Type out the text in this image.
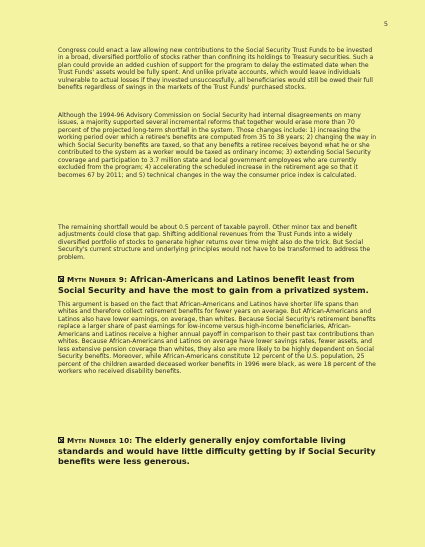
5

Congress could enact a law allowing new contributions to the Social Security Trust Funds to be invested in a broad, diversified portfolio of stocks rather than confining its holdings to Treasury securities. Such a plan could provide an added cushion of support for the program to delay the estimated date when the Trust Funds' assets would be fully spent. And unlike private accounts, which would leave individuals vulnerable to actual losses if they invested unsuccessfully, all beneficiaries would still be owed their full benefits regardless of swings in the markets of the Trust Funds' purchased stocks.

Although the 1994-96 Advisory Commission on Social Security had internal disagreements on many issues, a majority supported several incremental reforms that together would erase more than 70 percent of the projected long-term shortfall in the system. Those changes include: 1) increasing the working period over which a retiree's benefits are computed from 35 to 38 years; 2) changing the way in which Social Security benefits are taxed, so that any benefits a retiree receives beyond what he or she contributed to the system as a worker would be taxed as ordinary income; 3) extending Social Security coverage and participation to 3.7 million state and local government employees who are currently excluded from the program; 4) accelerating the scheduled increase in the retirement age so that it becomes 67 by 2011; and 5) technical changes in the way the consumer price index is calculated.

The remaining shortfall would be about 0.5 percent of taxable payroll. Other minor tax and benefit adjustments could close that gap. Shifting additional revenues from the Trust Funds into a widely diversified portfolio of stocks to generate higher returns over time might also do the trick. But Social Security's current structure and underlying principles would not have to be transformed to address the problem.

Myth Number 9: African-Americans and Latinos benefit least from Social Security and have the most to gain from a privatized system.

This argument is based on the fact that African-Americans and Latinos have shorter life spans than whites and therefore collect retirement benefits for fewer years on average. But African-Americans and Latinos also have lower earnings, on average, than whites. Because Social Security's retirement benefits replace a larger share of past earnings for low-income versus high-income beneficiaries, African-Americans and Latinos receive a higher annual payoff in comparison to their past tax contributions than whites. Because African-Americans and Latinos on average have lower savings rates, fewer assets, and less extensive pension coverage than whites, they also are more likely to be highly dependent on Social Security benefits. Moreover, while African-Americans constitute 12 percent of the U.S. population, 25 percent of the children awarded deceased worker benefits in 1996 were black, as were 18 percent of the workers who received disability benefits.

Myth Number 10: The elderly generally enjoy comfortable living standards and would have little difficulty getting by if Social Security benefits were less generous.
